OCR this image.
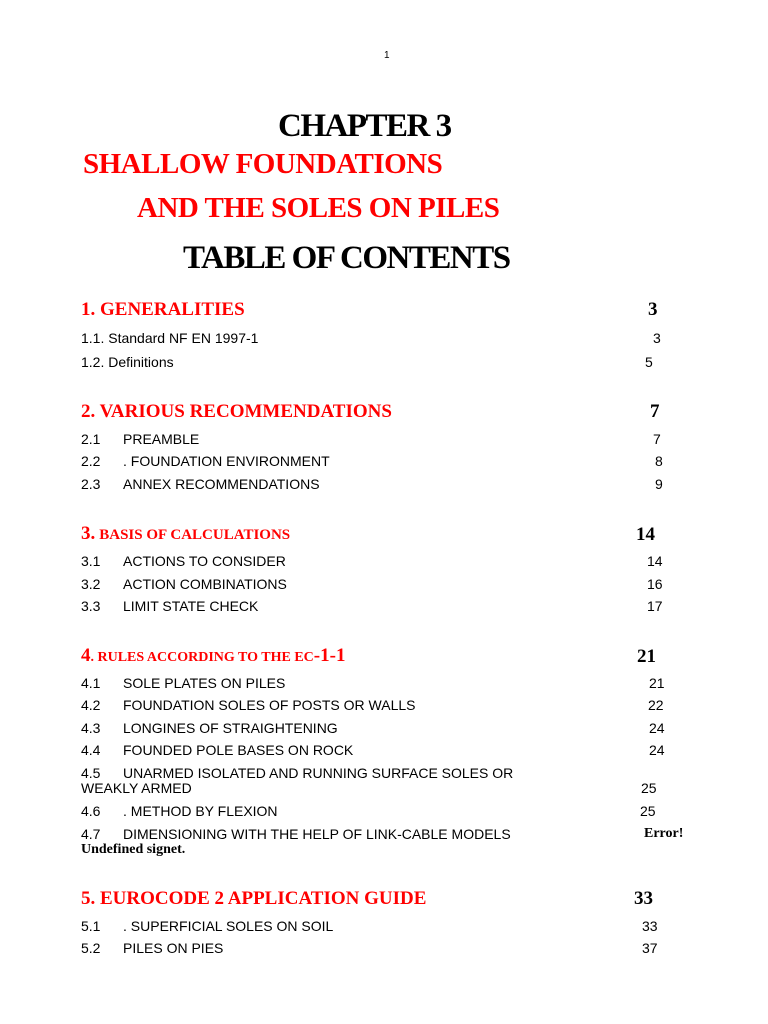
1
CHAPTER 3
SHALLOW FOUNDATIONS
AND THE SOLES ON PILES
TABLE OF CONTENTS
1. GENERALITIES	3
1.1. Standard NF EN 1997-1	3
1.2. Definitions	5
2. VARIOUS RECOMMENDATIONS	7
2.1 PREAMBLE	7
2.2 . FOUNDATION ENVIRONMENT	8
2.3 ANNEX RECOMMENDATIONS	9
3. BASIS OF CALCULATIONS	14
3.1 ACTIONS TO CONSIDER	14
3.2 ACTION COMBINATIONS	16
3.3 LIMIT STATE CHECK	17
4. RULES ACCORDING TO THE EC-1-1	21
4.1 SOLE PLATES ON PILES	21
4.2 FOUNDATION SOLES OF POSTS OR WALLS	22
4.3 LONGINES OF STRAIGHTENING	24
4.4 FOUNDED POLE BASES ON ROCK	24
4.5 UNARMED ISOLATED AND RUNNING SURFACE SOLES OR
WEAKLY ARMED	25
4.6 . METHOD BY FLEXION	25
4.7 DIMENSIONING WITH THE HELP OF LINK-CABLE MODELS	Error!
Undefined signet.
5. EUROCODE 2 APPLICATION GUIDE	33
5.1 . SUPERFICIAL SOLES ON SOIL	33
5.2 PILES ON PIES	37
